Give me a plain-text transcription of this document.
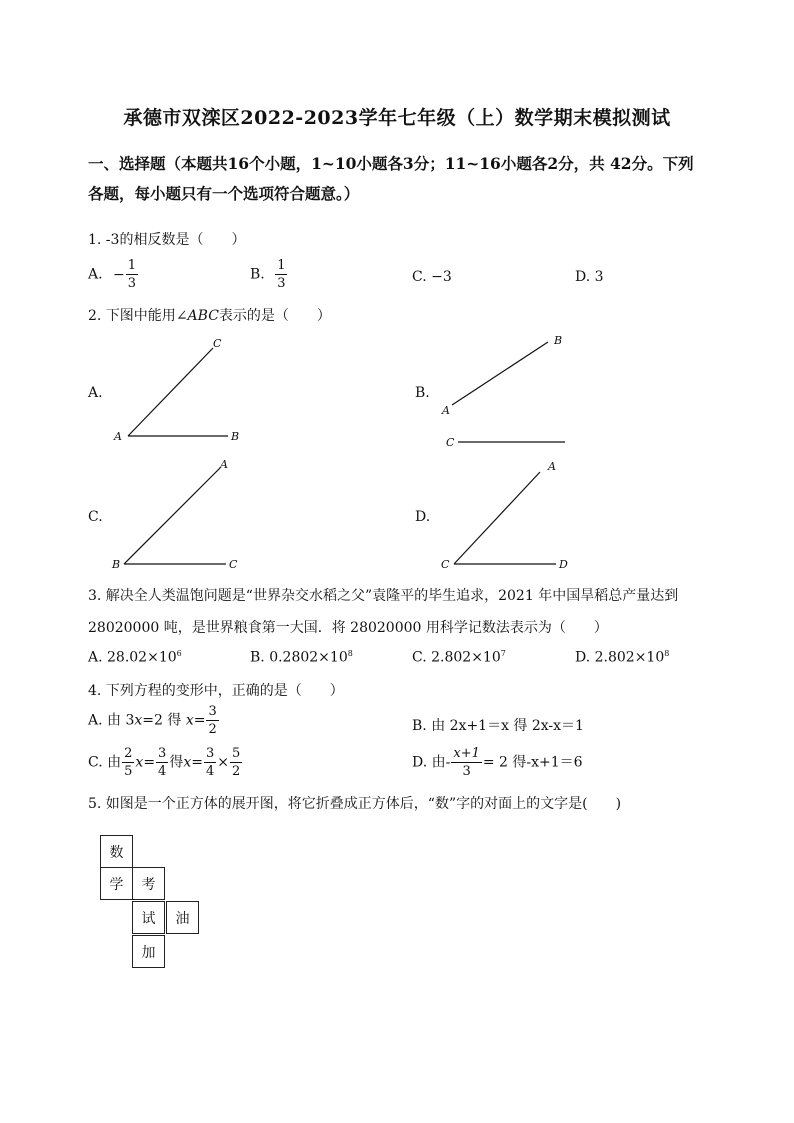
承德市双滦区2022-2023学年七年级（上）数学期末模拟测试
一、选择题（本题共16个小题，1~10小题各3分；11~16小题各2分，共 42分。下列
各题，每小题只有一个选项符合题意。）
1. -3的相反数是（　　）
A. − $\frac{1}{3}$	B. $\frac{1}{3}$	C. −3	D. 3
2. 下图中能用∠ABC表示的是（　　）
A.
C
A	B
B.
B
A
C
C.
A
B	C
D.
A
C	D
3. 解决全人类温饱问题是“世界杂交水稻之父”袁隆平的毕生追求，2021 年中国旱稻总产量达到
28020000 吨，是世界粮食第一大国．将 28020000 用科学记数法表示为（　　）
A. $28.02\times 10^6$	B. $0.2802\times 10^8$	C. $2.802\times 10^7$	D. $2.802\times 10^8$
4. 下列方程的变形中，正确的是（　　）
A. 由 3x=2 得 $x= \frac{3}{2}$	B. 由 2x+1＝x 得 2x-x＝1
C. 由 $\frac{2}{5} x= \frac{3}{4}$ 得$x= \frac{3}{4} \times \frac{5}{2}$	D. 由- $\frac{x+1}{3} = 2$ 得-x+1＝6
5. 如图是一个正方体的展开图，将它折叠成正方体后，“数”字的对面上的文字是(　　)
数
学	考
试	油
加
